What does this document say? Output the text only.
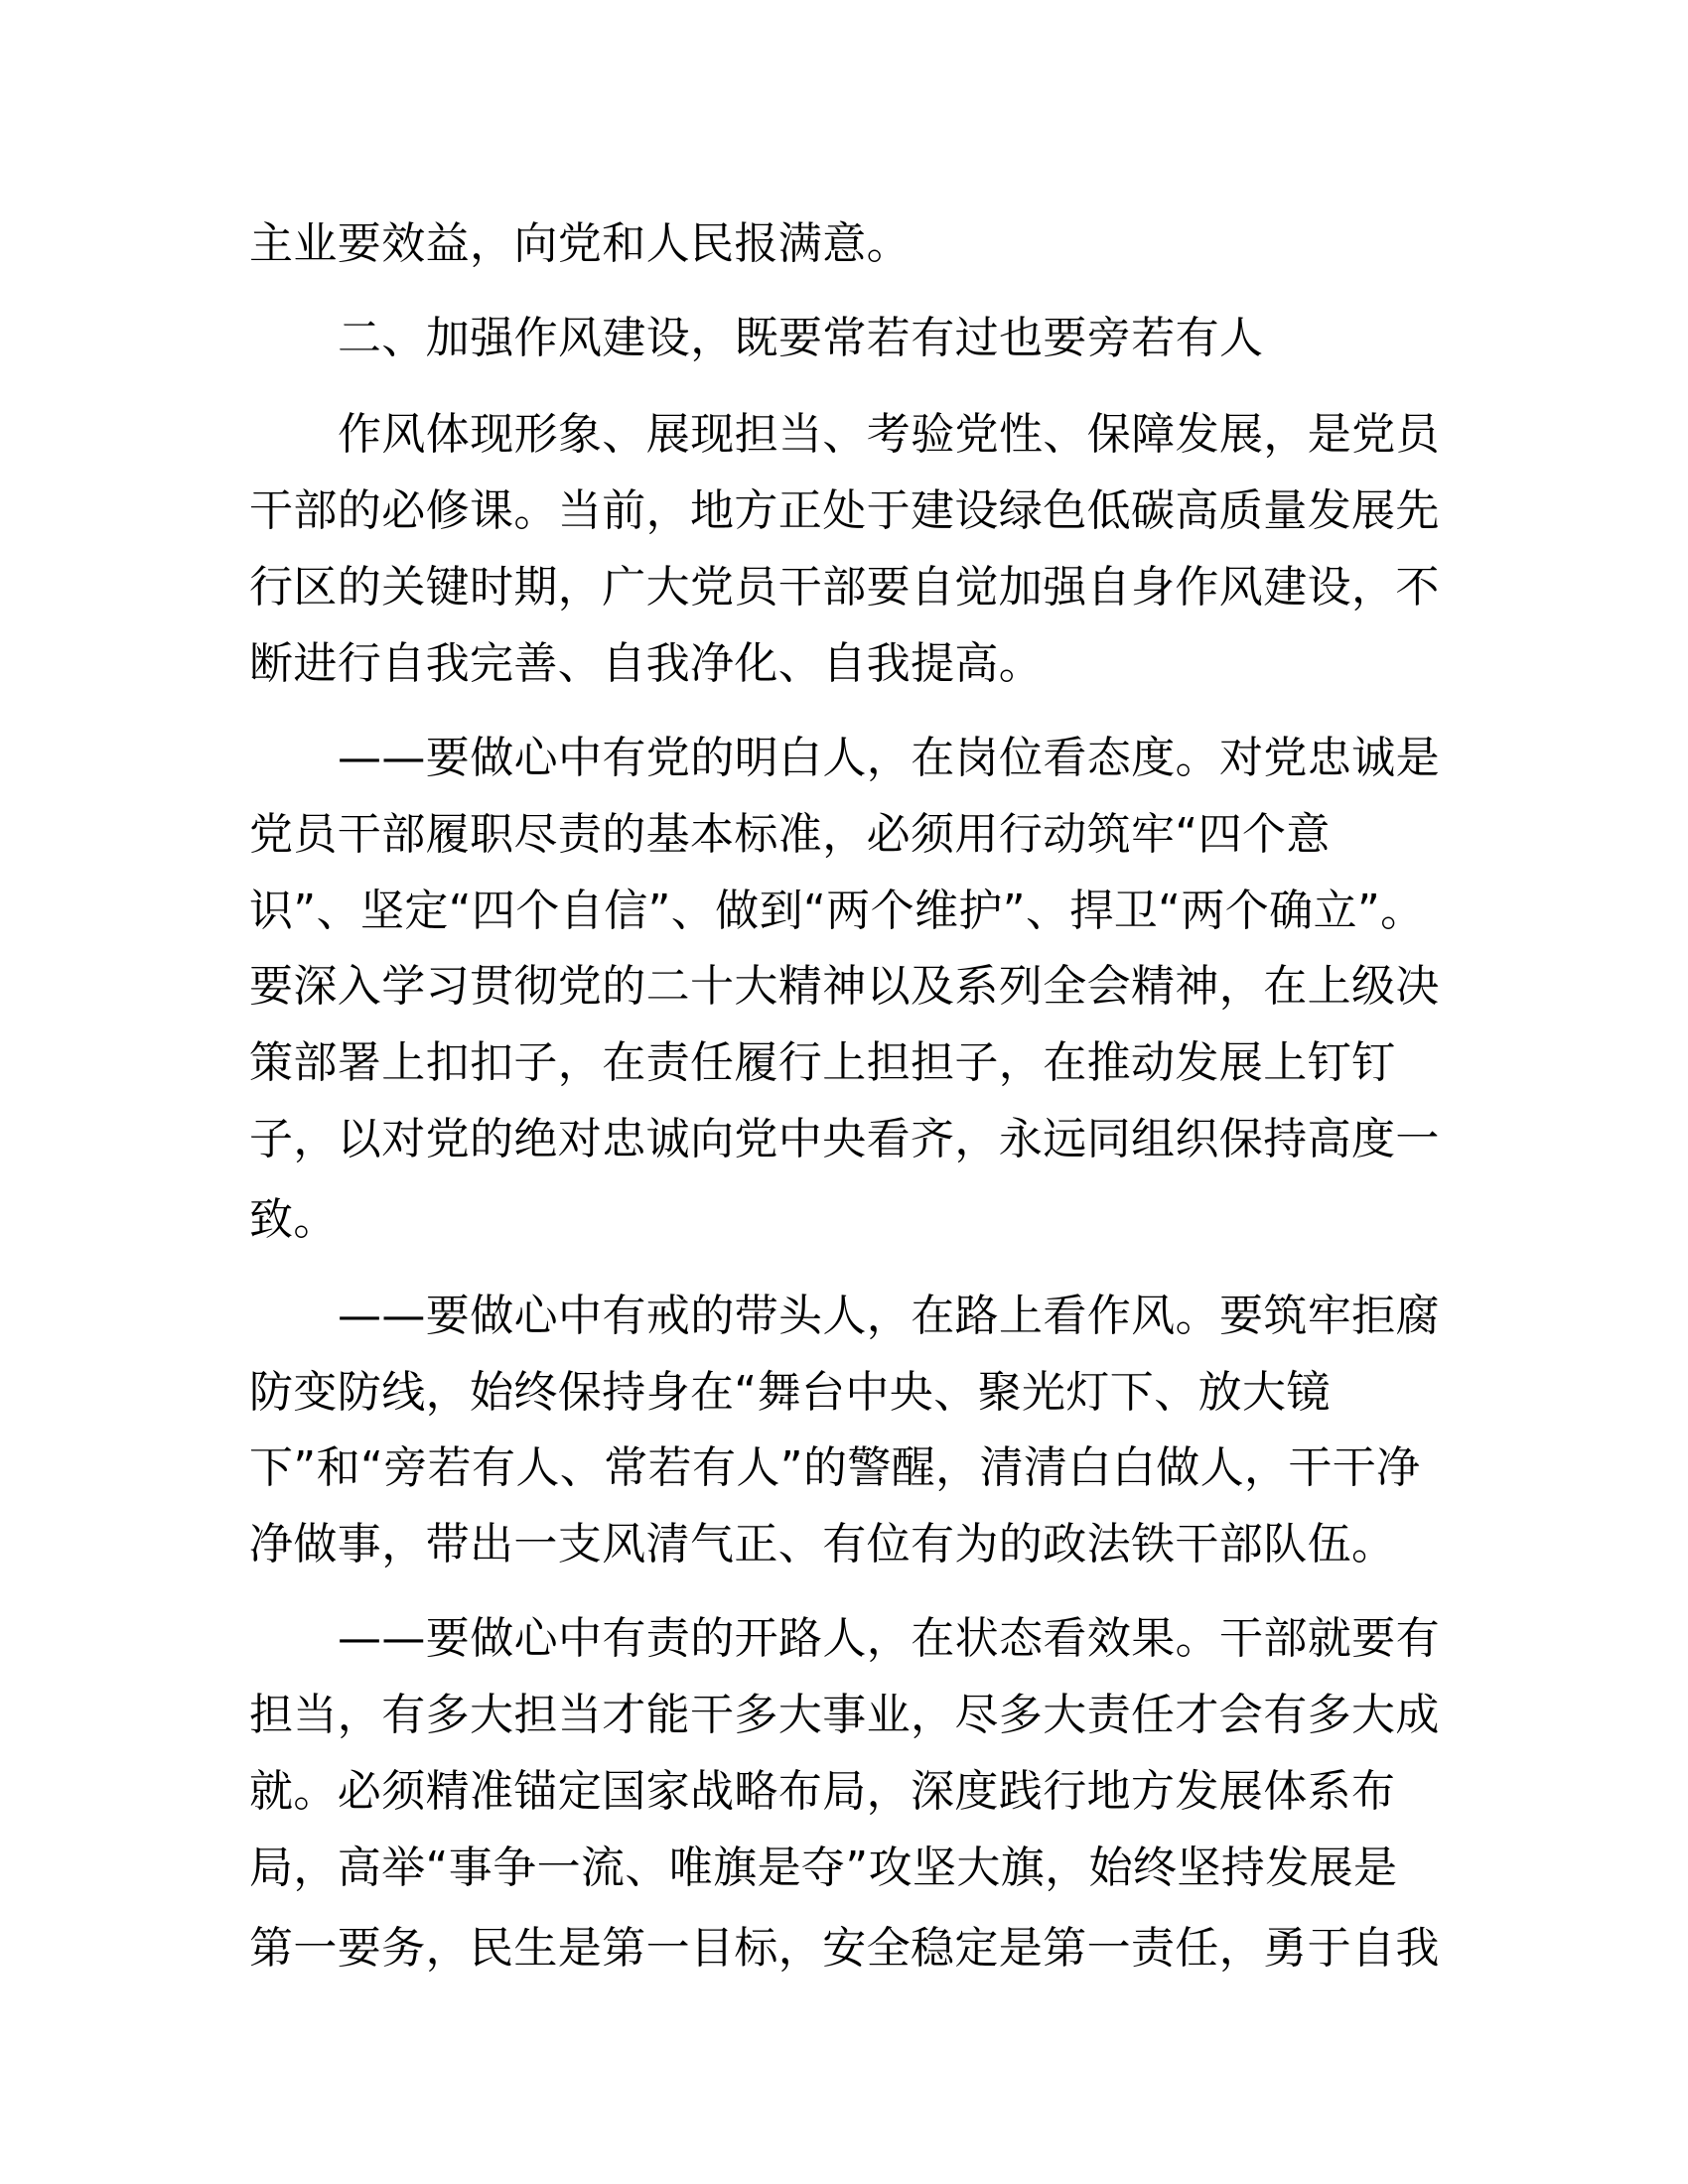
主业要效益，向党和人民报满意。
二、加强作风建设，既要常若有过也要旁若有人
作风体现形象、展现担当、考验党性、保障发展，是党员
干部的必修课。当前，地方正处于建设绿色低碳高质量发展先
行区的关键时期，广大党员干部要自觉加强自身作风建设，不
断进行自我完善、自我净化、自我提高。
——要做心中有党的明白人，在岗位看态度。对党忠诚是
党员干部履职尽责的基本标准，必须用行动筑牢“四个意
识”、坚定“四个自信”、做到“两个维护”、捍卫“两个确立”。
要深入学习贯彻党的二十大精神以及系列全会精神，在上级决
策部署上扣扣子，在责任履行上担担子，在推动发展上钉钉
子，以对党的绝对忠诚向党中央看齐，永远同组织保持高度一
致。
——要做心中有戒的带头人，在路上看作风。要筑牢拒腐
防变防线，始终保持身在“舞台中央、聚光灯下、放大镜
下”和“旁若有人、常若有人”的警醒，清清白白做人，干干净
净做事，带出一支风清气正、有位有为的政法铁干部队伍。
——要做心中有责的开路人，在状态看效果。干部就要有
担当，有多大担当才能干多大事业，尽多大责任才会有多大成
就。必须精准锚定国家战略布局，深度践行地方发展体系布
局，高举“事争一流、唯旗是夺”攻坚大旗，始终坚持发展是
第一要务，民生是第一目标，安全稳定是第一责任，勇于自我
